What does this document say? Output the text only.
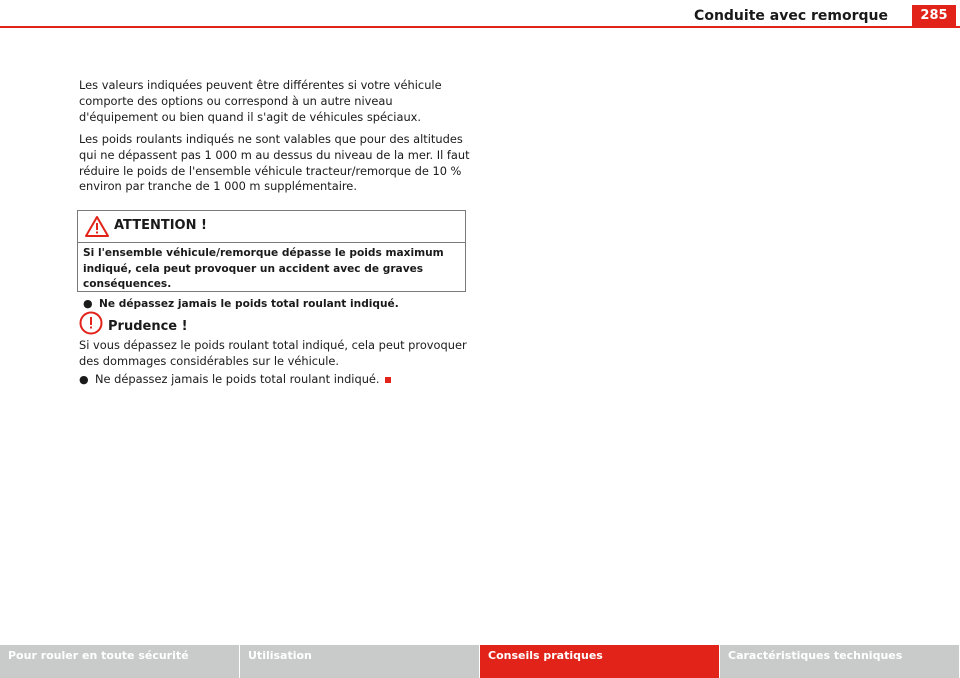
Conduite avec remorque	285

Les valeurs indiquées peuvent être différentes si votre véhicule comporte des options ou correspond à un autre niveau d'équipement ou bien quand il s'agit de véhicules spéciaux.

Les poids roulants indiqués ne sont valables que pour des altitudes qui ne dépassent pas 1 000 m au dessus du niveau de la mer. Il faut réduire le poids de l'ensemble véhicule tracteur/remorque de 10 % environ par tranche de 1 000 m supplémentaire.

ATTENTION !
Si l'ensemble véhicule/remorque dépasse le poids maximum indiqué, cela peut provoquer un accident avec de graves conséquences.
● Ne dépassez jamais le poids total roulant indiqué.
Prudence !
Si vous dépassez le poids roulant total indiqué, cela peut provoquer des dommages considérables sur le véhicule.
● Ne dépassez jamais le poids total roulant indiqué.
Pour rouler en toute sécurité	Utilisation	Conseils pratiques	Caractéristiques techniques
